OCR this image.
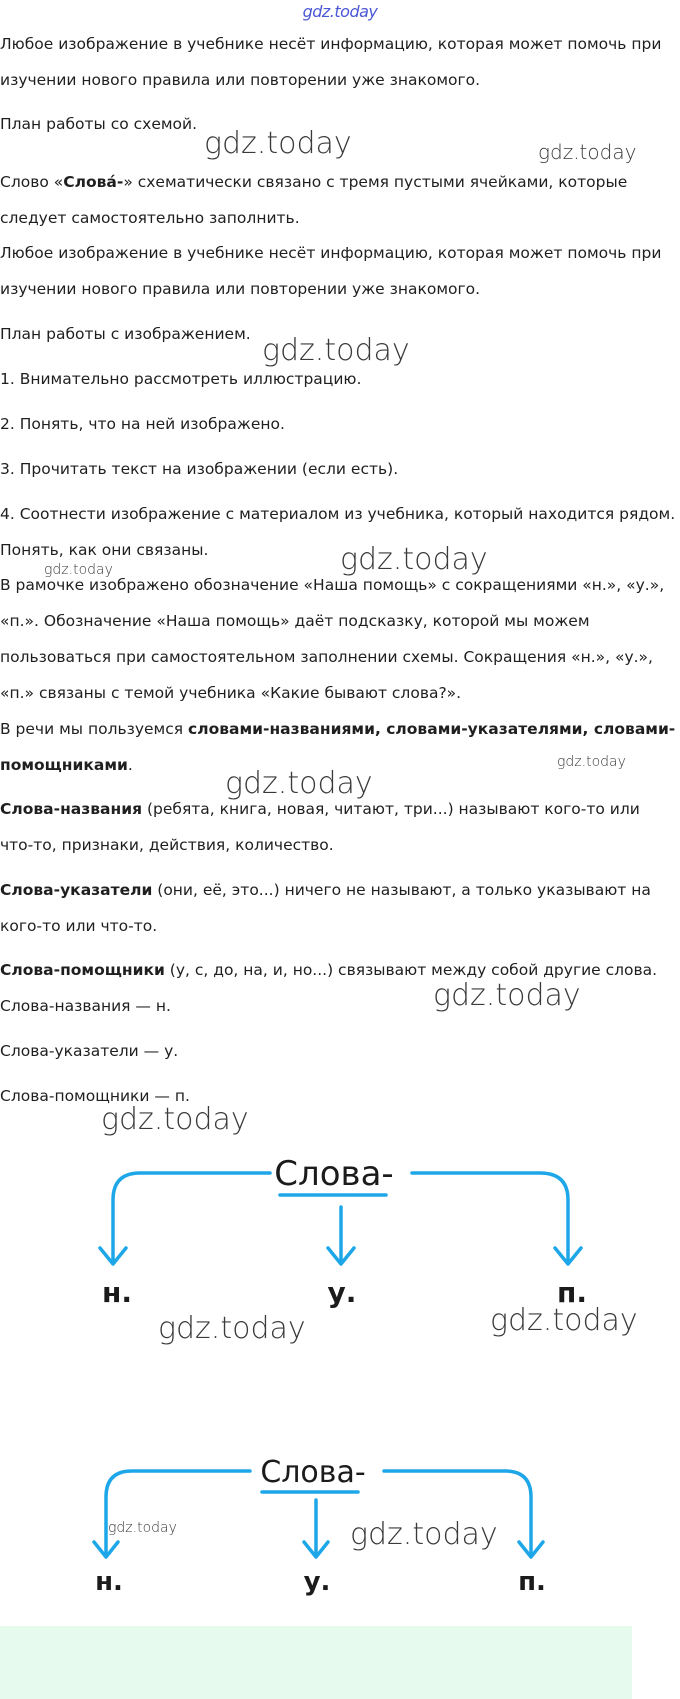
gdz.today
Любое изображение в учебнике несёт информацию, которая может помочь при изучении нового правила или повторении уже знакомого.
План работы со схемой.
Слово «Слова́-» схематически связано с тремя пустыми ячейками, которые следует самостоятельно заполнить.
Любое изображение в учебнике несёт информацию, которая может помочь при изучении нового правила или повторении уже знакомого.
План работы с изображением.
1. Внимательно рассмотреть иллюстрацию.
2. Понять, что на ней изображено.
3. Прочитать текст на изображении (если есть).
4. Соотнести изображение с материалом из учебника, который находится рядом. Понять, как они связаны.
В рамочке изображено обозначение «Наша помощь» с сокращениями «н.», «у.», «п.». Обозначение «Наша помощь» даёт подсказку, которой мы можем пользоваться при самостоятельном заполнении схемы. Сокращения «н.», «у.», «п.» связаны с темой учебника «Какие бывают слова?».
В речи мы пользуемся словами-названиями, словами-указателями, словами-помощниками.
Слова-названия (ребята, книга, новая, читают, три...) называют кого-то или что-то, признаки, действия, количество.
Слова-указатели (они, её, это...) ничего не называют, а только указывают на кого-то или что-то.
Слова-помощники (у, с, до, на, и, но...) связывают между собой другие слова.
Слова-названия — н.
Слова-указатели — у.
Слова-помощники — п.
Слова-
н.	у.	п.
Слова-
н.	у.	п.
gdz.today	gdz.today
gdz.today
gdz.today	gdz.today
gdz.today
gdz.today
gdz.today
gdz.today
gdz.today	gdz.today
gdz.today	gdz.today
